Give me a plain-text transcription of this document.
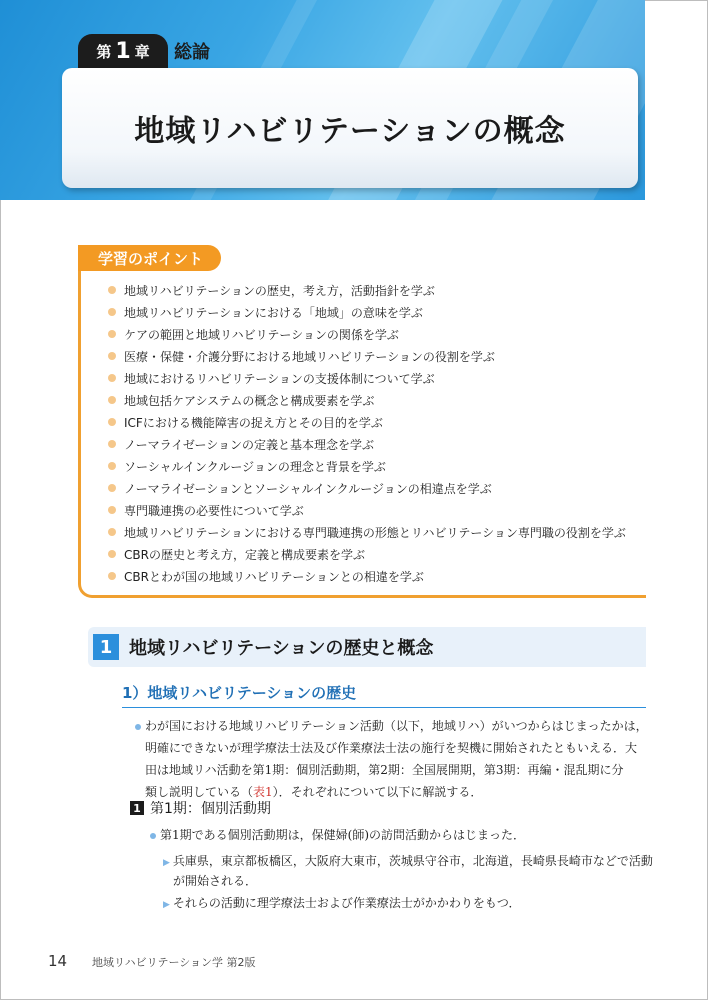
第 1 章 総論
地域リハビリテーションの概念
学習のポイント
地域リハビリテーションの歴史，考え方，活動指針を学ぶ
地域リハビリテーションにおける「地域」の意味を学ぶ
ケアの範囲と地域リハビリテーションの関係を学ぶ
医療・保健・介護分野における地域リハビリテーションの役割を学ぶ
地域におけるリハビリテーションの支援体制について学ぶ
地域包括ケアシステムの概念と構成要素を学ぶ
ICFにおける機能障害の捉え方とその目的を学ぶ
ノーマライゼーションの定義と基本理念を学ぶ
ソーシャルインクルージョンの理念と背景を学ぶ
ノーマライゼーションとソーシャルインクルージョンの相違点を学ぶ
専門職連携の必要性について学ぶ
地域リハビリテーションにおける専門職連携の形態とリハビリテーション専門職の役割を学ぶ
CBRの歴史と考え方，定義と構成要素を学ぶ
CBRとわが国の地域リハビリテーションとの相違を学ぶ
1 地域リハビリテーションの歴史と概念
1）地域リハビリテーションの歴史
わが国における地域リハビリテーション活動（以下，地域リハ）がいつからはじまったかは，
明確にできないが理学療法士法及び作業療法士法の施行を契機に開始されたともいえる．大
田は地域リハ活動を第1期：個別活動期，第2期：全国展開期，第3期：再編・混乱期に分
類し説明している（表1）．それぞれについて以下に解説する．
1 第1期：個別活動期
第1期である個別活動期は，保健婦(師)の訪問活動からはじまった．
▶ 兵庫県，東京都板橋区，大阪府大東市，茨城県守谷市，北海道，長崎県長崎市などで活動
が開始される．
▶ それらの活動に理学療法士および作業療法士がかかわりをもつ．
14 地域リハビリテーション学 第2版
